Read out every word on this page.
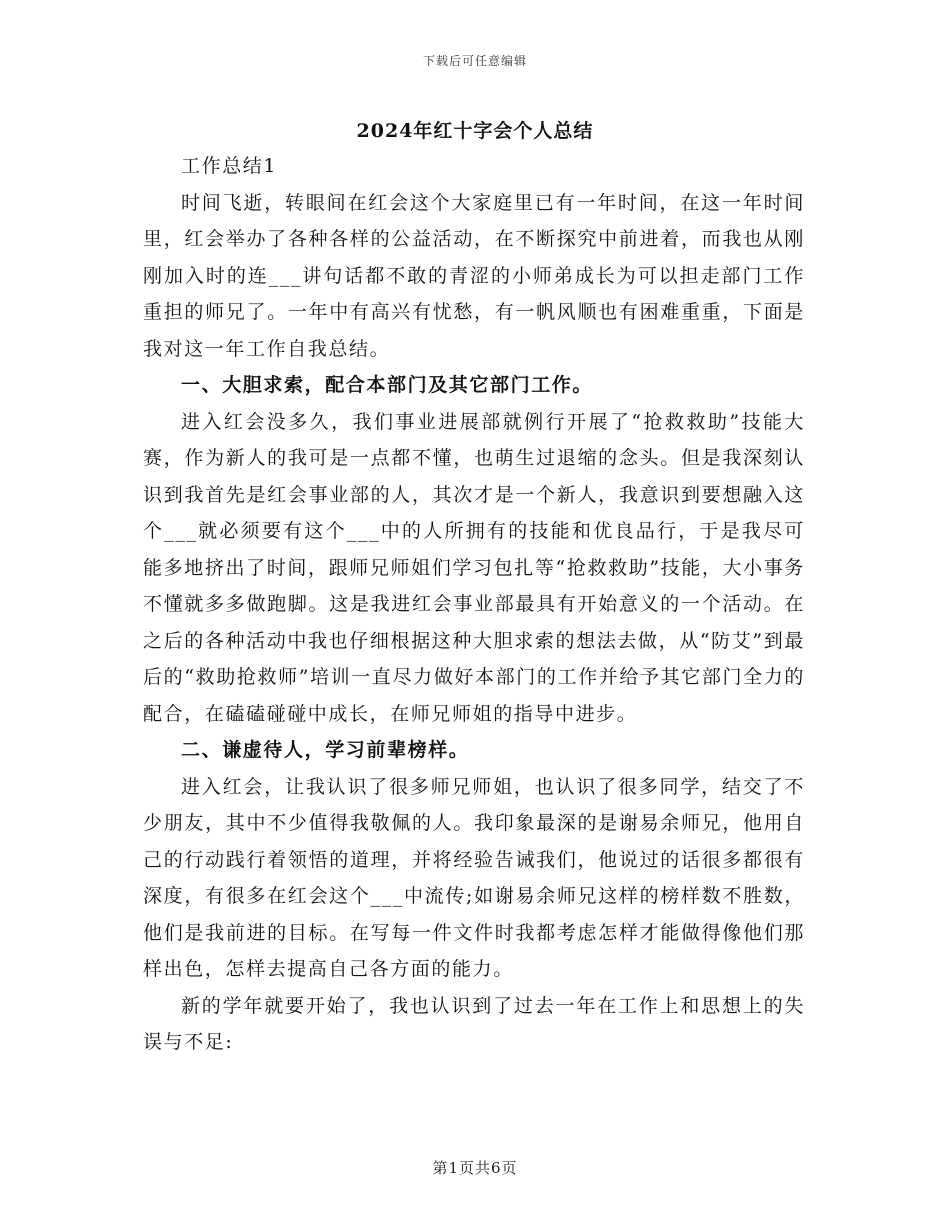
下载后可任意编辑
2024年红十字会个人总结

工作总结1

时间飞逝，转眼间在红会这个大家庭里已有一年时间，在这一年时间里，红会举办了各种各样的公益活动，在不断探究中前进着，而我也从刚刚加入时的连___讲句话都不敢的青涩的小师弟成长为可以担走部门工作重担的师兄了。一年中有高兴有忧愁，有一帆风顺也有困难重重，下面是我对这一年工作自我总结。

一、大胆求索，配合本部门及其它部门工作。

进入红会没多久，我们事业进展部就例行开展了“抢救救助”技能大赛，作为新人的我可是一点都不懂，也萌生过退缩的念头。但是我深刻认识到我首先是红会事业部的人，其次才是一个新人，我意识到要想融入这个___就必须要有这个___中的人所拥有的技能和优良品行，于是我尽可能多地挤出了时间，跟师兄师姐们学习包扎等“抢救救助”技能，大小事务不懂就多多做跑脚。这是我进红会事业部最具有开始意义的一个活动。在之后的各种活动中我也仔细根据这种大胆求索的想法去做，从“防艾”到最后的“救助抢救师”培训一直尽力做好本部门的工作并给予其它部门全力的配合，在磕磕碰碰中成长，在师兄师姐的指导中进步。

二、谦虚待人，学习前辈榜样。

进入红会，让我认识了很多师兄师姐，也认识了很多同学，结交了不少朋友，其中不少值得我敬佩的人。我印象最深的是谢易余师兄，他用自己的行动践行着领悟的道理，并将经验告诫我们，他说过的话很多都很有深度，有很多在红会这个___中流传;如谢易余师兄这样的榜样数不胜数，他们是我前进的目标。在写每一件文件时我都考虑怎样才能做得像他们那样出色，怎样去提高自己各方面的能力。

新的学年就要开始了，我也认识到了过去一年在工作上和思想上的失误与不足:

第1页共6页
